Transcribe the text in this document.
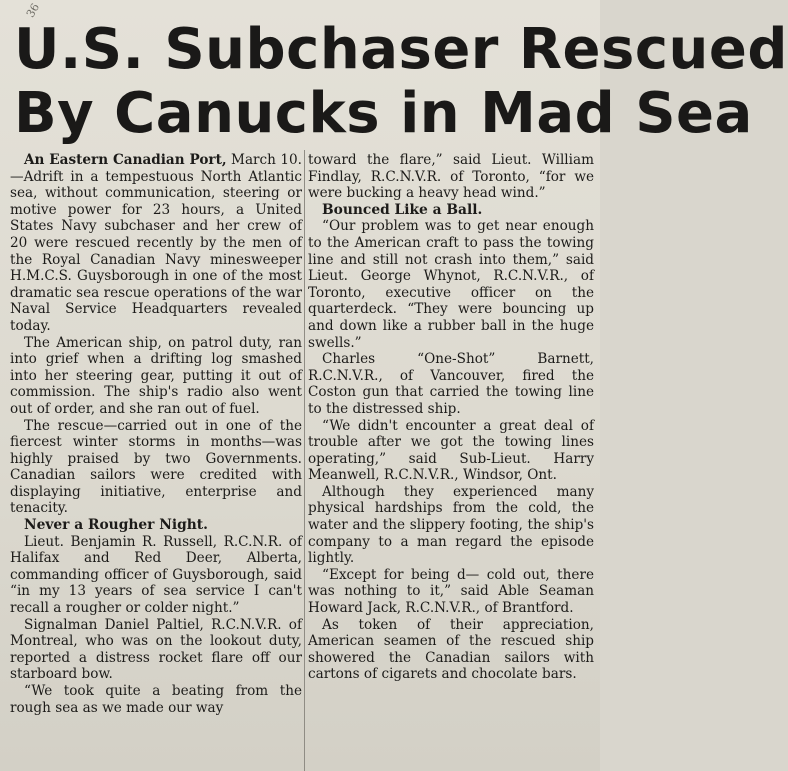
36
U.S. Subchaser Rescued
By Canucks in Mad Sea

An Eastern Canadian Port, March 10.—Adrift in a tempestuous North Atlantic sea, without communication, steering or motive power for 23 hours, a United States Navy subchaser and her crew of 20 were rescued recently by the men of the Royal Canadian Navy minesweeper H.M.C.S. Guysborough in one of the most dramatic sea rescue operations of the war Naval Service Headquarters revealed today.

The American ship, on patrol duty, ran into grief when a drifting log smashed into her steering gear, putting it out of commission. The ship's radio also went out of order, and she ran out of fuel.

The rescue—carried out in one of the fiercest winter storms in months—was highly praised by two Governments. Canadian sailors were credited with displaying initiative, enterprise and tenacity.

Never a Rougher Night.

Lieut. Benjamin R. Russell, R.C.N.R. of Halifax and Red Deer, Alberta, commanding officer of Guysborough, said “in my 13 years of sea service I can't recall a rougher or colder night.”

Signalman Daniel Paltiel, R.C.N.V.R. of Montreal, who was on the lookout duty, reported a distress rocket flare off our starboard bow.

“We took quite a beating from the rough sea as we made our way

toward the flare,” said Lieut. William Findlay, R.C.N.V.R. of Toronto, “for we were bucking a heavy head wind.”

Bounced Like a Ball.

“Our problem was to get near enough to the American craft to pass the towing line and still not crash into them,” said Lieut. George Whynot, R.C.N.V.R., of Toronto, executive officer on the quarterdeck. “They were bouncing up and down like a rubber ball in the huge swells.”

Charles “One-Shot” Barnett, R.C.N.V.R., of Vancouver, fired the Coston gun that carried the towing line to the distressed ship.

“We didn't encounter a great deal of trouble after we got the towing lines operating,” said Sub-Lieut. Harry Meanwell, R.C.N.V.R., Windsor, Ont.

Although they experienced many physical hardships from the cold, the water and the slippery footing, the ship's company to a man regard the episode lightly.

“Except for being d— cold out, there was nothing to it,” said Able Seaman Howard Jack, R.C.N.V.R., of Brantford.

As token of their appreciation, American seamen of the rescued ship showered the Canadian sailors with cartons of cigarets and chocolate bars.
